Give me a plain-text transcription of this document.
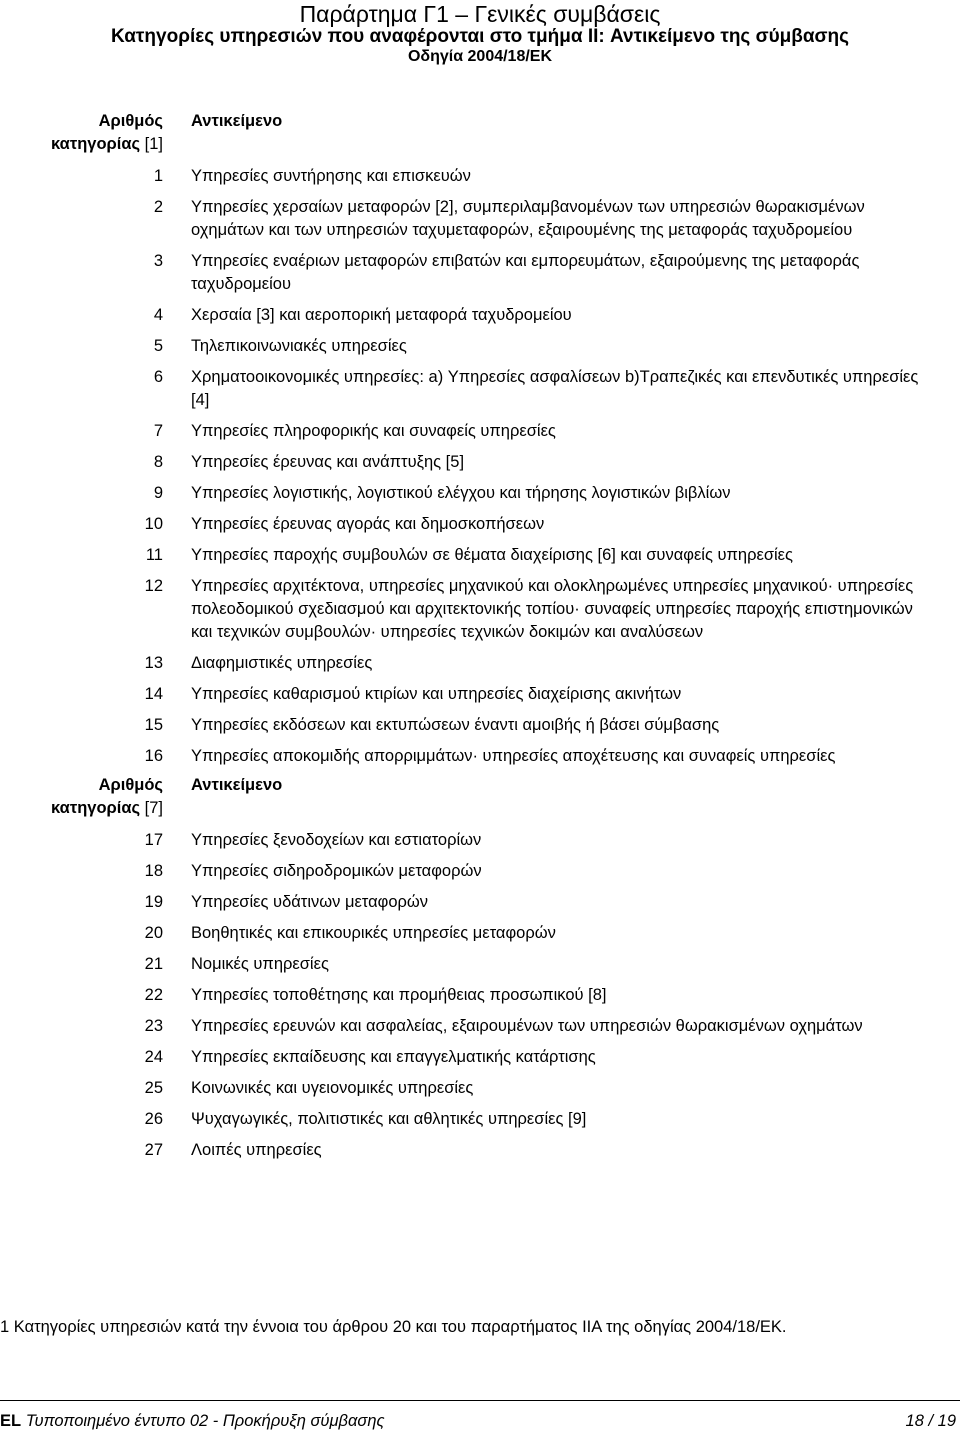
Παράρτημα Γ1 – Γενικές συμβάσεις
Κατηγορίες υπηρεσιών που αναφέρονται στο τμήμα II: Αντικείμενο της σύμβασης
Οδηγία 2004/18/ΕΚ
Αριθμός
κατηγορίας [1]
Αντικείμενο
1	Υπηρεσίες συντήρησης και επισκευών
2	Υπηρεσίες χερσαίων μεταφορών [2], συμπεριλαμβανομένων των υπηρεσιών θωρακισμένων οχημάτων και των υπηρεσιών ταχυμεταφορών, εξαιρουμένης της μεταφοράς ταχυδρομείου
3	Υπηρεσίες εναέριων μεταφορών επιβατών και εμπορευμάτων, εξαιρούμενης της μεταφοράς ταχυδρομείου
4	Χερσαία [3] και αεροπορική μεταφορά ταχυδρομείου
5	Τηλεπικοινωνιακές υπηρεσίες
6	Χρηματοοικονομικές υπηρεσίες: a) Υπηρεσίες ασφαλίσεων b)Τραπεζικές και επενδυτικές υπηρεσίες [4]
7	Υπηρεσίες πληροφορικής και συναφείς υπηρεσίες
8	Υπηρεσίες έρευνας και ανάπτυξης [5]
9	Υπηρεσίες λογιστικής, λογιστικού ελέγχου και τήρησης λογιστικών βιβλίων
10	Υπηρεσίες έρευνας αγοράς και δημοσκοπήσεων
11	Υπηρεσίες παροχής συμβουλών σε θέματα διαχείρισης [6] και συναφείς υπηρεσίες
12	Υπηρεσίες αρχιτέκτονα, υπηρεσίες μηχανικού και ολοκληρωμένες υπηρεσίες μηχανικού· υπηρεσίες πολεοδομικού σχεδιασμού και αρχιτεκτονικής τοπίου· συναφείς υπηρεσίες παροχής επιστημονικών και τεχνικών συμβουλών· υπηρεσίες τεχνικών δοκιμών και αναλύσεων
13	Διαφημιστικές υπηρεσίες
14	Υπηρεσίες καθαρισμού κτιρίων και υπηρεσίες διαχείρισης ακινήτων
15	Υπηρεσίες εκδόσεων και εκτυπώσεων έναντι αμοιβής ή βάσει σύμβασης
16	Υπηρεσίες αποκομιδής απορριμμάτων· υπηρεσίες αποχέτευσης και συναφείς υπηρεσίες
Αριθμός
κατηγορίας [7]
Αντικείμενο
17	Υπηρεσίες ξενοδοχείων και εστιατορίων
18	Υπηρεσίες σιδηροδρομικών μεταφορών
19	Υπηρεσίες υδάτινων μεταφορών
20	Βοηθητικές και επικουρικές υπηρεσίες μεταφορών
21	Νομικές υπηρεσίες
22	Υπηρεσίες τοποθέτησης και προμήθειας προσωπικού [8]
23	Υπηρεσίες ερευνών και ασφαλείας, εξαιρουμένων των υπηρεσιών θωρακισμένων οχημάτων
24	Υπηρεσίες εκπαίδευσης και επαγγελματικής κατάρτισης
25	Κοινωνικές και υγειονομικές υπηρεσίες
26	Ψυχαγωγικές, πολιτιστικές και αθλητικές υπηρεσίες [9]
27	Λοιπές υπηρεσίες
1 Κατηγορίες υπηρεσιών κατά την έννοια του άρθρου 20 και του παραρτήματος IIA της οδηγίας 2004/18/ΕΚ.
EL Τυποποιημένο έντυπο 02 - Προκήρυξη σύμβασης	18 / 19
